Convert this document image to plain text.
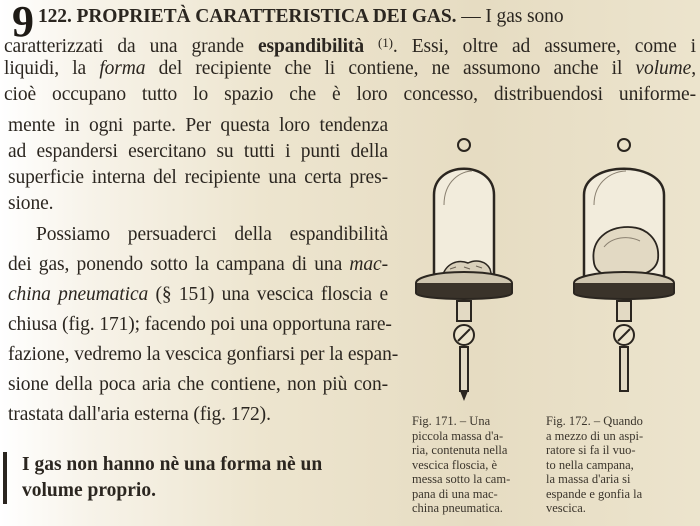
9 122. PROPRIETÀ CARATTERISTICA DEI GAS. — I gas sono
caratterizzati da una grande espandibilità $^{(1)}$. Essi, oltre ad assumere, come i
liquidi, la forma del recipiente che li contiene, ne assumono anche il volume,
cioè occupano tutto lo spazio che è loro concesso, distribuendosi uniforme-
mente in ogni parte. Per questa loro tendenza
ad espandersi esercitano su tutti i punti della
superficie interna del recipiente una certa pres-
sione.
Possiamo persuaderci della espandibilità
dei gas, ponendo sotto la campana di una mac-
china pneumatica (§ 151) una vescica floscia e
chiusa (fig. 171); facendo poi una opportuna rare-
fazione, vedremo la vescica gonfiarsi per la espan-
sione della poca aria che contiene, non più con-
trastata dall'aria esterna (fig. 172).
I gas non hanno nè una forma nè un
volume proprio.
Fig. 171. – Una
piccola massa d'a-
ria, contenuta nella
vescica floscia, è
messa sotto la cam-
pana di una mac-
china pneumatica.
Fig. 172. – Quando
a mezzo di un aspi-
ratore si fa il vuo-
to nella campana,
la massa d'aria si
espande e gonfia la
vescica.
